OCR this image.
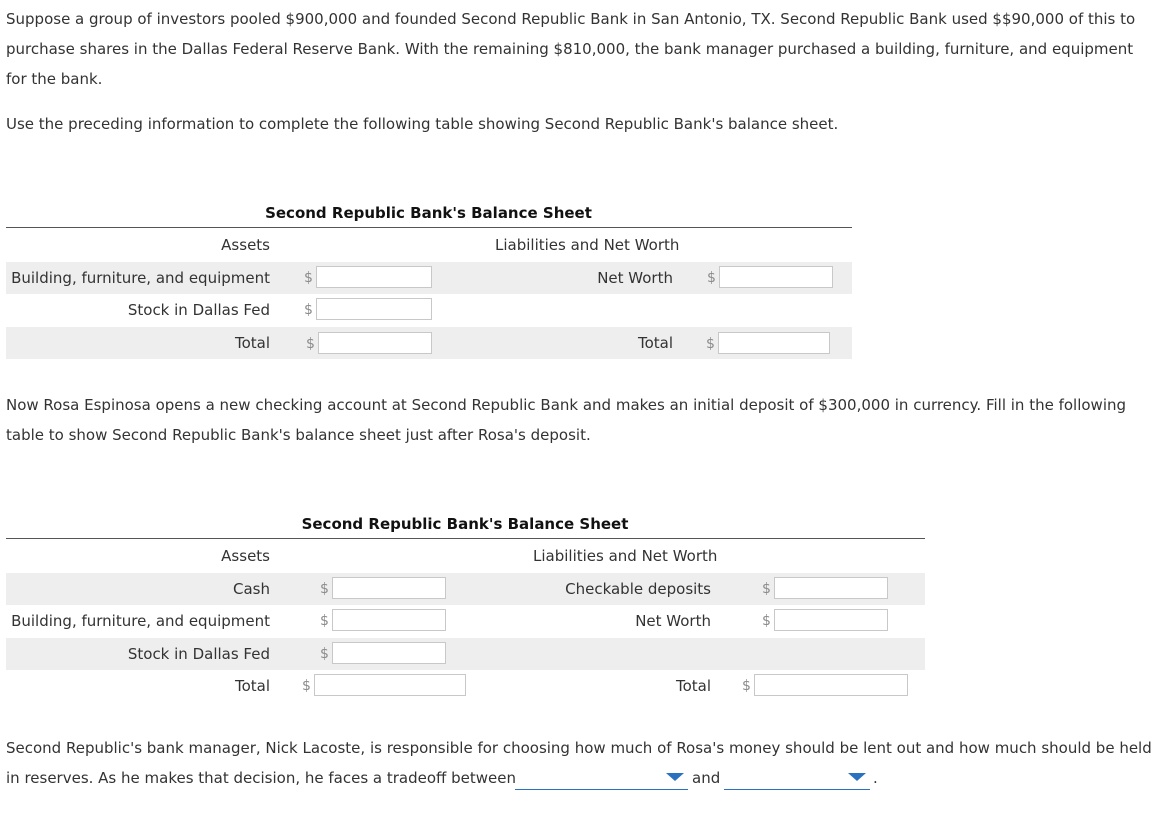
Suppose a group of investors pooled $900,000 and founded Second Republic Bank in San Antonio, TX. Second Republic Bank used $$90,000 of this to purchase shares in the Dallas Federal Reserve Bank. With the remaining $810,000, the bank manager purchased a building, furniture, and equipment for the bank.

Use the preceding information to complete the following table showing Second Republic Bank's balance sheet.

Second Republic Bank's Balance Sheet
Assets	Liabilities and Net Worth
Building, furniture, and equipment $	Net Worth $
Stock in Dallas Fed $
Total	$	Total $

Now Rosa Espinosa opens a new checking account at Second Republic Bank and makes an initial deposit of $300,000 in currency. Fill in the following table to show Second Republic Bank's balance sheet just after Rosa's deposit.

Second Republic Bank's Balance Sheet
Assets	Liabilities and Net Worth
Cash	$	Checkable deposits	$
Building, furniture, and equipment	$	Net Worth	$
Stock in Dallas Fed	$
Total $	Total $

Second Republic's bank manager, Nick Lacoste, is responsible for choosing how much of Rosa's money should be lent out and how much should be held

in reserves. As he makes that decision, he faces a tradeoff between	and	.
